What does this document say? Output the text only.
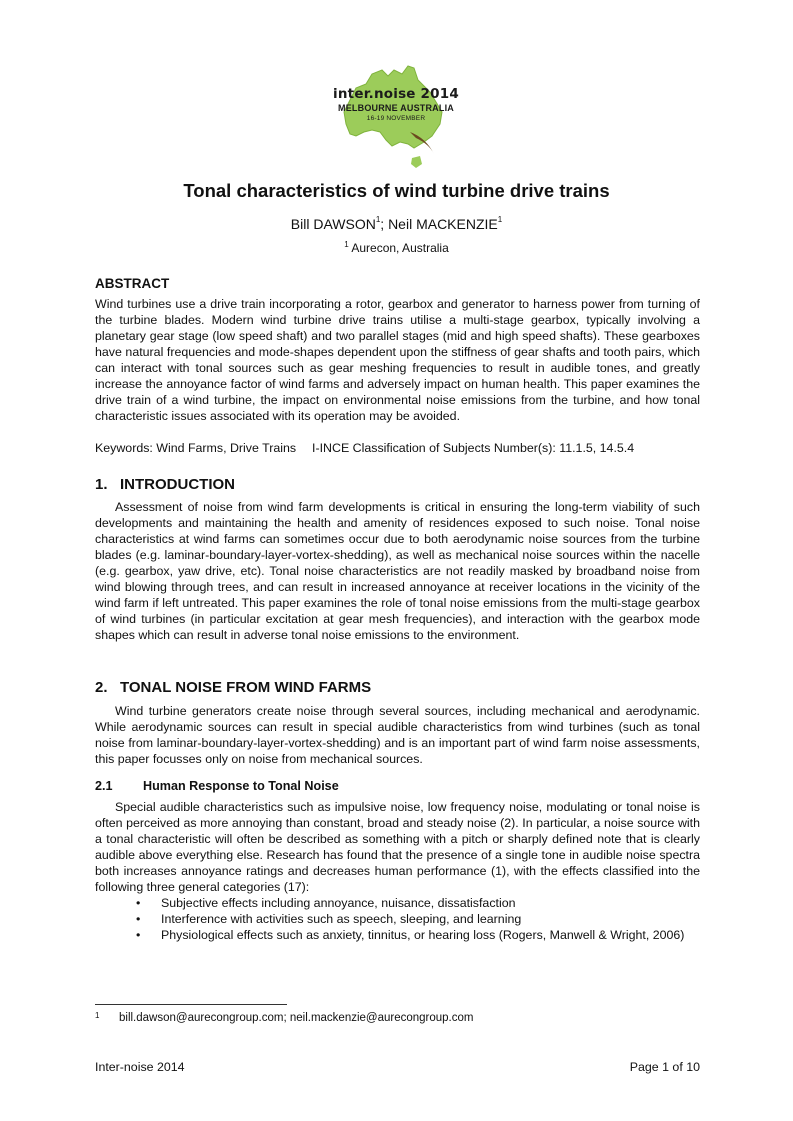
inter.noise 2014
MELBOURNE AUSTRALIA
16-19 NOVEMBER
Tonal characteristics of wind turbine drive trains
Bill DAWSON$^1$; Neil MACKENZIE$^1$
$^1$ Aurecon, Australia
ABSTRACT
Wind turbines use a drive train incorporating a rotor, gearbox and generator to harness power from turning of the turbine blades. Modern wind turbine drive trains utilise a multi-stage gearbox, typically involving a planetary gear stage (low speed shaft) and two parallel stages (mid and high speed shafts). These gearboxes have natural frequencies and mode-shapes dependent upon the stiffness of gear shafts and tooth pairs, which can interact with tonal sources such as gear meshing frequencies to result in audible tones, and greatly increase the annoyance factor of wind farms and adversely impact on human health. This paper examines the drive train of a wind turbine, the impact on environmental noise emissions from the turbine, and how tonal characteristic issues associated with its operation may be avoided.
Keywords: Wind Farms, Drive Trains I-INCE Classification of Subjects Number(s): 11.1.5, 14.5.4
1. INTRODUCTION
Assessment of noise from wind farm developments is critical in ensuring the long-term viability of such developments and maintaining the health and amenity of residences exposed to such noise. Tonal noise characteristics at wind farms can sometimes occur due to both aerodynamic noise sources from the turbine blades (e.g. laminar-boundary-layer-vortex-shedding), as well as mechanical noise sources within the nacelle (e.g. gearbox, yaw drive, etc). Tonal noise characteristics are not readily masked by broadband noise from wind blowing through trees, and can result in increased annoyance at receiver locations in the vicinity of the wind farm if left untreated. This paper examines the role of tonal noise emissions from the multi-stage gearbox of wind turbines (in particular excitation at gear mesh frequencies), and interaction with the gearbox mode shapes which can result in adverse tonal noise emissions to the environment.
2. TONAL NOISE FROM WIND FARMS
Wind turbine generators create noise through several sources, including mechanical and aerodynamic. While aerodynamic sources can result in special audible characteristics from wind turbines (such as tonal noise from laminar-boundary-layer-vortex-shedding) and is an important part of wind farm noise assessments, this paper focusses only on noise from mechanical sources.
2.1 Human Response to Tonal Noise
Special audible characteristics such as impulsive noise, low frequency noise, modulating or tonal noise is often perceived as more annoying than constant, broad and steady noise (2). In particular, a noise source with a tonal characteristic will often be described as something with a pitch or sharply defined note that is clearly audible above everything else. Research has found that the presence of a single tone in audible noise spectra both increases annoyance ratings and decreases human performance (1), with the effects classified into the following three general categories (17):
• Subjective effects including annoyance, nuisance, dissatisfaction
• Interference with activities such as speech, sleeping, and learning
• Physiological effects such as anxiety, tinnitus, or hearing loss (Rogers, Manwell & Wright, 2006)
1 bill.dawson@aurecongroup.com; neil.mackenzie@aurecongroup.com
Inter-noise 2014	Page 1 of 10
